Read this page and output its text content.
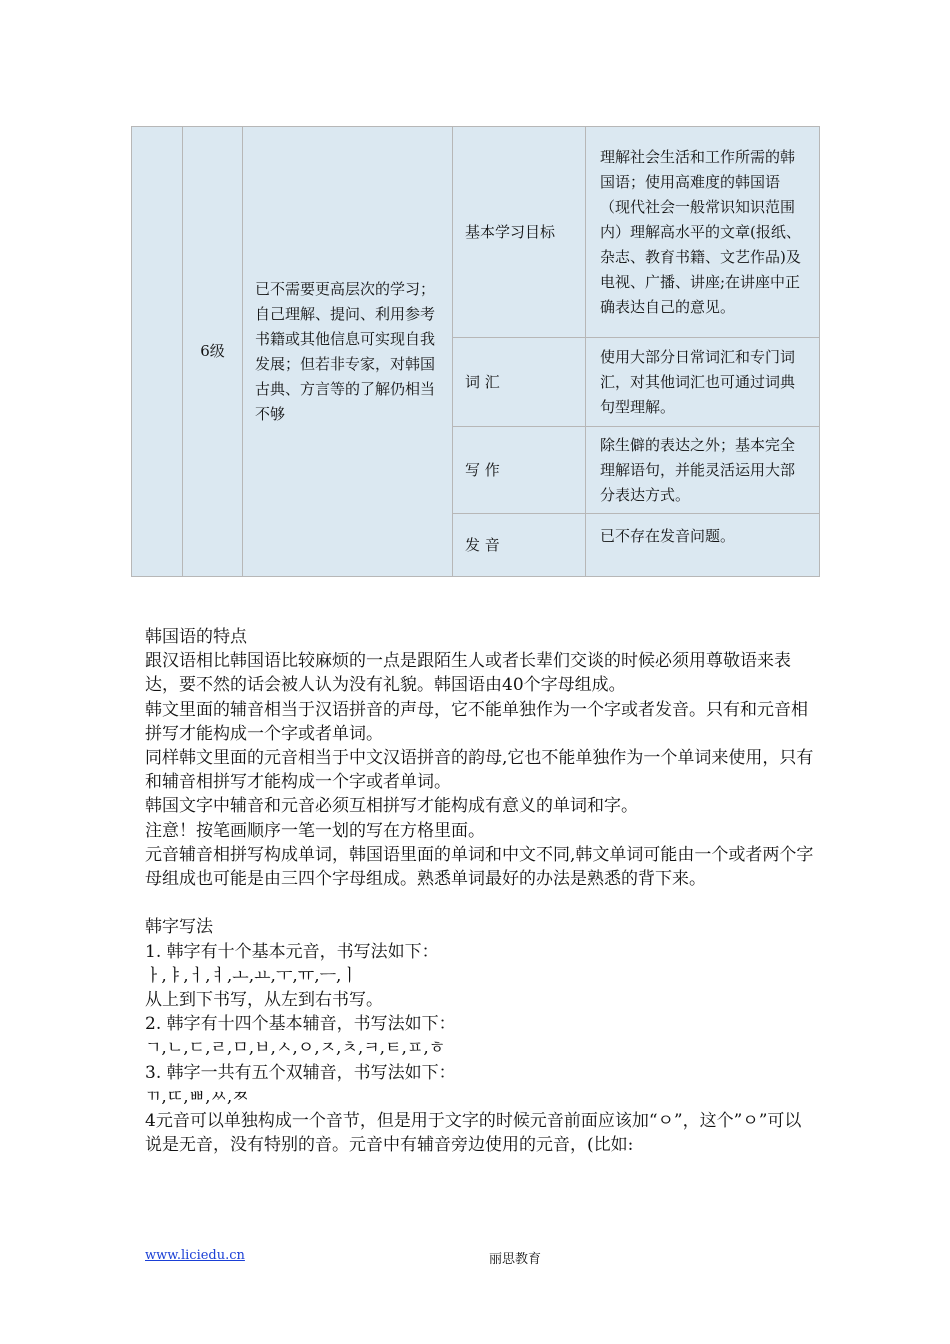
	6级	已不需要更高层次的学习；自己理解、提问、利用参考书籍或其他信息可实现自我发展；但若非专家，对韩国古典、方言等的了解仍相当不够	基本学习目标	理解社会生活和工作所需的韩国语；使用高难度的韩国语（现代社会一般常识知识范围内）理解高水平的文章(报纸、杂志、教育书籍、文艺作品)及电视、广播、讲座;在讲座中正确表达自己的意见。
			词 汇	使用大部分日常词汇和专门词汇，对其他词汇也可通过词典句型理解。
			写 作	除生僻的表达之外；基本完全理解语句，并能灵活运用大部分表达方式。
			发 音	已不存在发音问题。

韩国语的特点

跟汉语相比韩国语比较麻烦的一点是跟陌生人或者长辈们交谈的时候必须用尊敬语来表达，要不然的话会被人认为没有礼貌。韩国语由40个字母组成。

韩文里面的辅音相当于汉语拼音的声母，它不能单独作为一个字或者发音。只有和元音相拼写才能构成一个字或者单词。

同样韩文里面的元音相当于中文汉语拼音的韵母,它也不能单独作为一个单词来使用，只有和辅音相拼写才能构成一个字或者单词。

韩国文字中辅音和元音必须互相拼写才能构成有意义的单词和字。

注意！按笔画顺序一笔一划的写在方格里面。

元音辅音相拼写构成单词，韩国语里面的单词和中文不同,韩文单词可能由一个或者两个字母组成也可能是由三四个字母组成。熟悉单词最好的办法是熟悉的背下来。

韩字写法

1. 韩字有十个基本元音，书写法如下：

ㅏ,ㅑ,ㅓ,ㅕ,ㅗ,ㅛ,ㅜ,ㅠ,ㅡ,ㅣ

从上到下书写，从左到右书写。

2. 韩字有十四个基本辅音，书写法如下：

ㄱ,ㄴ,ㄷ,ㄹ,ㅁ,ㅂ,ㅅ,ㅇ,ㅈ,ㅊ,ㅋ,ㅌ,ㅍ,ㅎ

3. 韩字一共有五个双辅音，书写法如下：

ㄲ,ㄸ,ㅃ,ㅆ,ㅉ

4元音可以单独构成一个音节，但是用于文字的时候元音前面应该加“ㅇ”，这个”ㅇ”可以说是无音，没有特别的音。元音中有辅音旁边使用的元音，(比如:

www.liciedu.cn	丽思教育
